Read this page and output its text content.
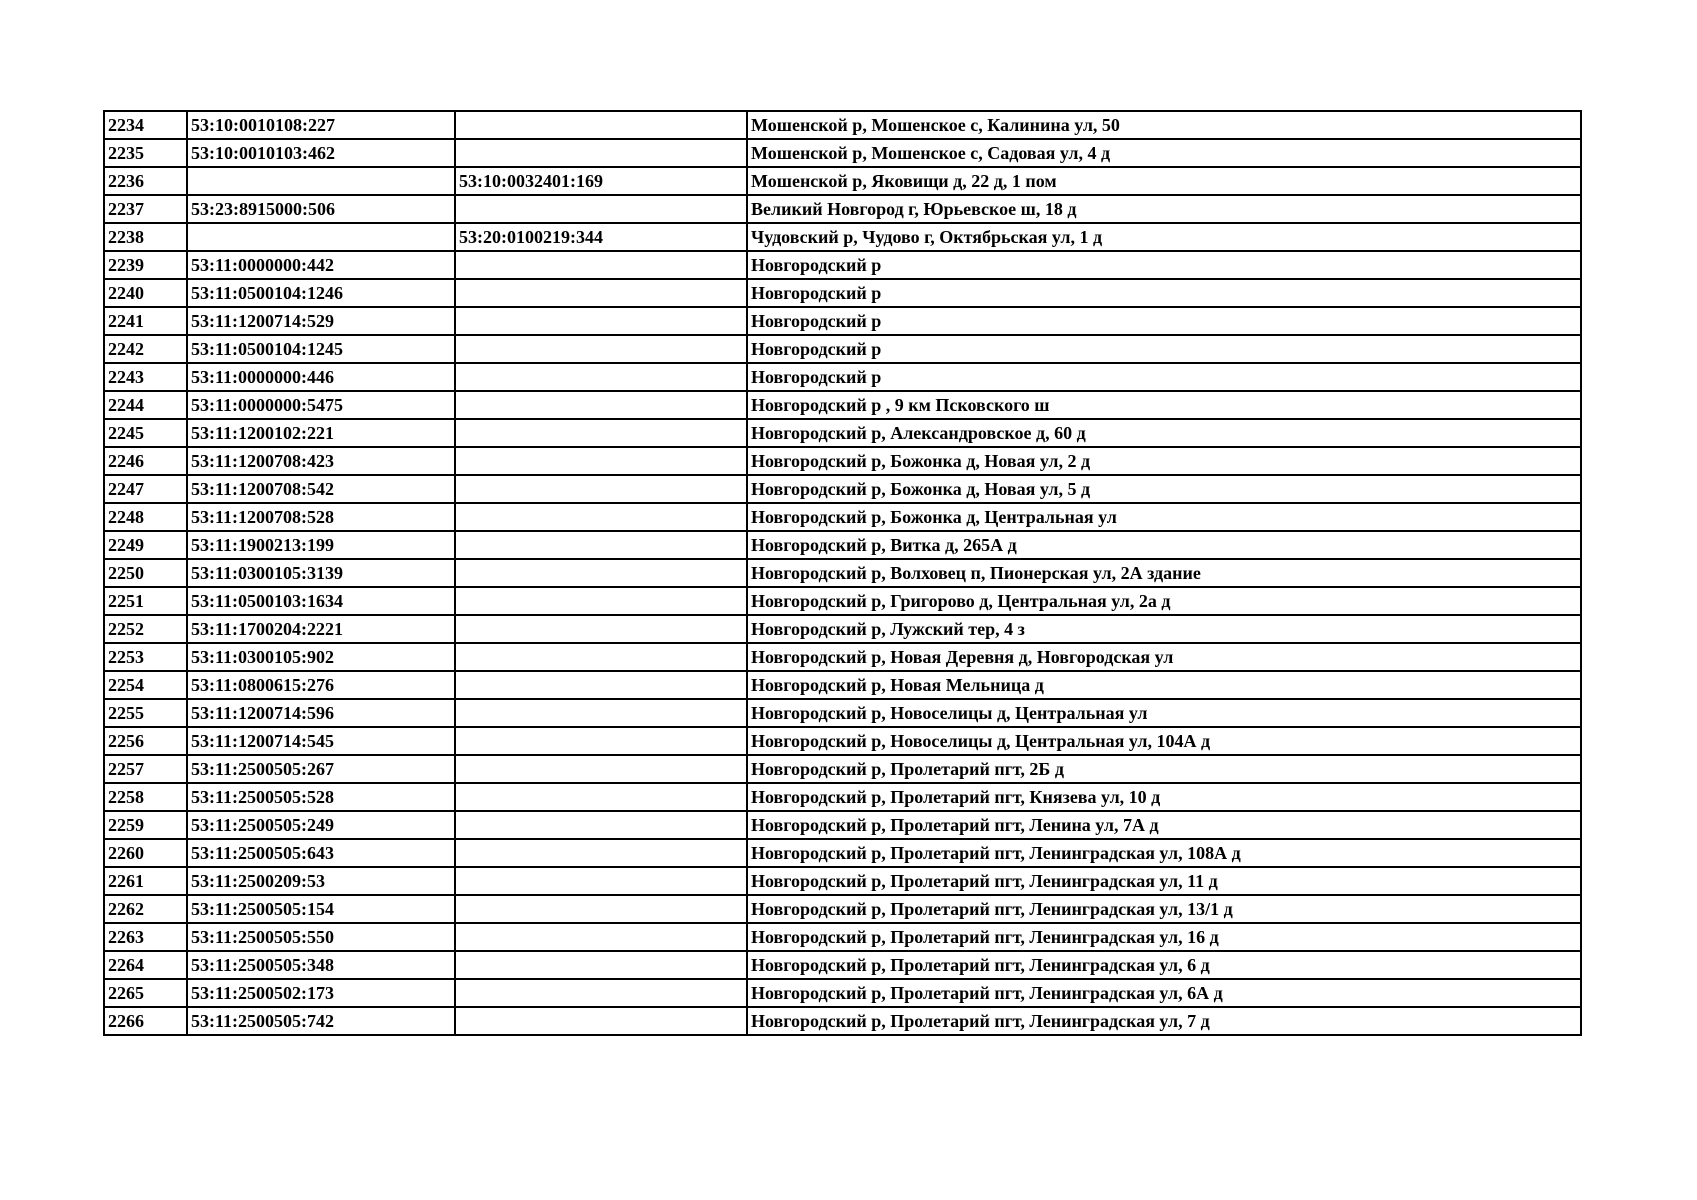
2234	53:10:0010108:227		Мошенской р, Мошенское с, Калинина ул, 50
2235	53:10:0010103:462		Мошенской р, Мошенское с, Садовая ул, 4 д
2236		53:10:0032401:169	Мошенской р, Яковищи д, 22 д, 1 пом
2237	53:23:8915000:506		Великий Новгород г, Юрьевское ш, 18 д
2238		53:20:0100219:344	Чудовский р, Чудово г, Октябрьская ул, 1 д
2239	53:11:0000000:442		Новгородский р
2240	53:11:0500104:1246		Новгородский р
2241	53:11:1200714:529		Новгородский р
2242	53:11:0500104:1245		Новгородский р
2243	53:11:0000000:446		Новгородский р
2244	53:11:0000000:5475		Новгородский р , 9 км Псковского ш
2245	53:11:1200102:221		Новгородский р, Александровское д, 60 д
2246	53:11:1200708:423		Новгородский р, Божонка д, Новая ул, 2 д
2247	53:11:1200708:542		Новгородский р, Божонка д, Новая ул, 5 д
2248	53:11:1200708:528		Новгородский р, Божонка д, Центральная ул
2249	53:11:1900213:199		Новгородский р, Витка д, 265А д
2250	53:11:0300105:3139		Новгородский р, Волховец п, Пионерская ул, 2А здание
2251	53:11:0500103:1634		Новгородский р, Григорово д, Центральная ул, 2а д
2252	53:11:1700204:2221		Новгородский р, Лужский тер, 4 з
2253	53:11:0300105:902		Новгородский р, Новая Деревня д, Новгородская ул
2254	53:11:0800615:276		Новгородский р, Новая Мельница д
2255	53:11:1200714:596		Новгородский р, Новоселицы д, Центральная ул
2256	53:11:1200714:545		Новгородский р, Новоселицы д, Центральная ул, 104А д
2257	53:11:2500505:267		Новгородский р, Пролетарий пгт, 2Б д
2258	53:11:2500505:528		Новгородский р, Пролетарий пгт, Князева ул, 10 д
2259	53:11:2500505:249		Новгородский р, Пролетарий пгт, Ленина ул, 7А д
2260	53:11:2500505:643		Новгородский р, Пролетарий пгт, Ленинградская ул, 108А д
2261	53:11:2500209:53		Новгородский р, Пролетарий пгт, Ленинградская ул, 11 д
2262	53:11:2500505:154		Новгородский р, Пролетарий пгт, Ленинградская ул, 13/1 д
2263	53:11:2500505:550		Новгородский р, Пролетарий пгт, Ленинградская ул, 16 д
2264	53:11:2500505:348		Новгородский р, Пролетарий пгт, Ленинградская ул, 6 д
2265	53:11:2500502:173		Новгородский р, Пролетарий пгт, Ленинградская ул, 6А д
2266	53:11:2500505:742		Новгородский р, Пролетарий пгт, Ленинградская ул, 7 д
